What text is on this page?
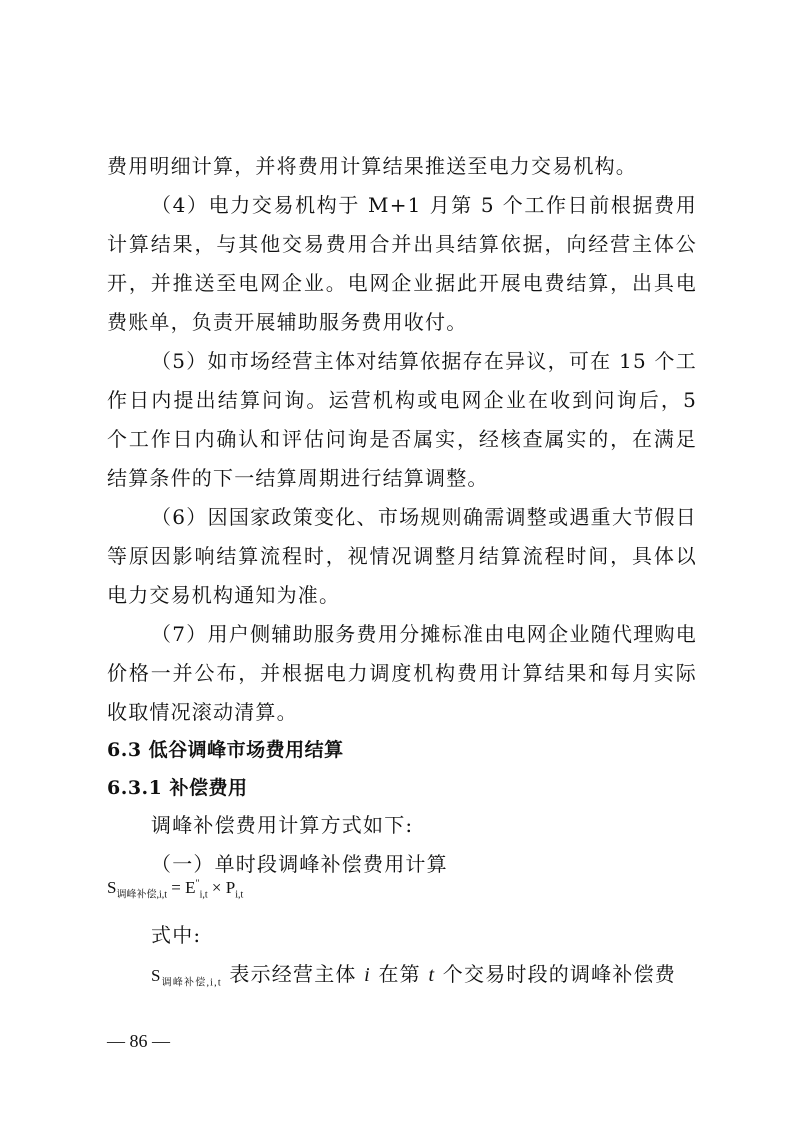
费用明细计算，并将费用计算结果推送至电力交易机构。

（4）电力交易机构于 M+1 月第 5 个工作日前根据费用计算结果，与其他交易费用合并出具结算依据，向经营主体公开，并推送至电网企业。电网企业据此开展电费结算，出具电费账单，负责开展辅助服务费用收付。

（5）如市场经营主体对结算依据存在异议，可在 15 个工作日内提出结算问询。运营机构或电网企业在收到问询后，5 个工作日内确认和评估问询是否属实，经核查属实的，在满足结算条件的下一结算周期进行结算调整。

（6）因国家政策变化、市场规则确需调整或遇重大节假日等原因影响结算流程时，视情况调整月结算流程时间，具体以电力交易机构通知为准。

（7）用户侧辅助服务费用分摊标准由电网企业随代理购电价格一并公布，并根据电力调度机构费用计算结果和每月实际收取情况滚动清算。

6.3 低谷调峰市场费用结算
6.3.1 补偿费用

调峰补偿费用计算方式如下:

（一）单时段调峰补偿费用计算

$S_{调峰补偿,i,t} = E^"_{i,t} \times P_{i,t}$

式中:

$S_{调峰补偿,i,t}$ 表示经营主体 i 在第 t 个交易时段的调峰补偿费

— 86 —
